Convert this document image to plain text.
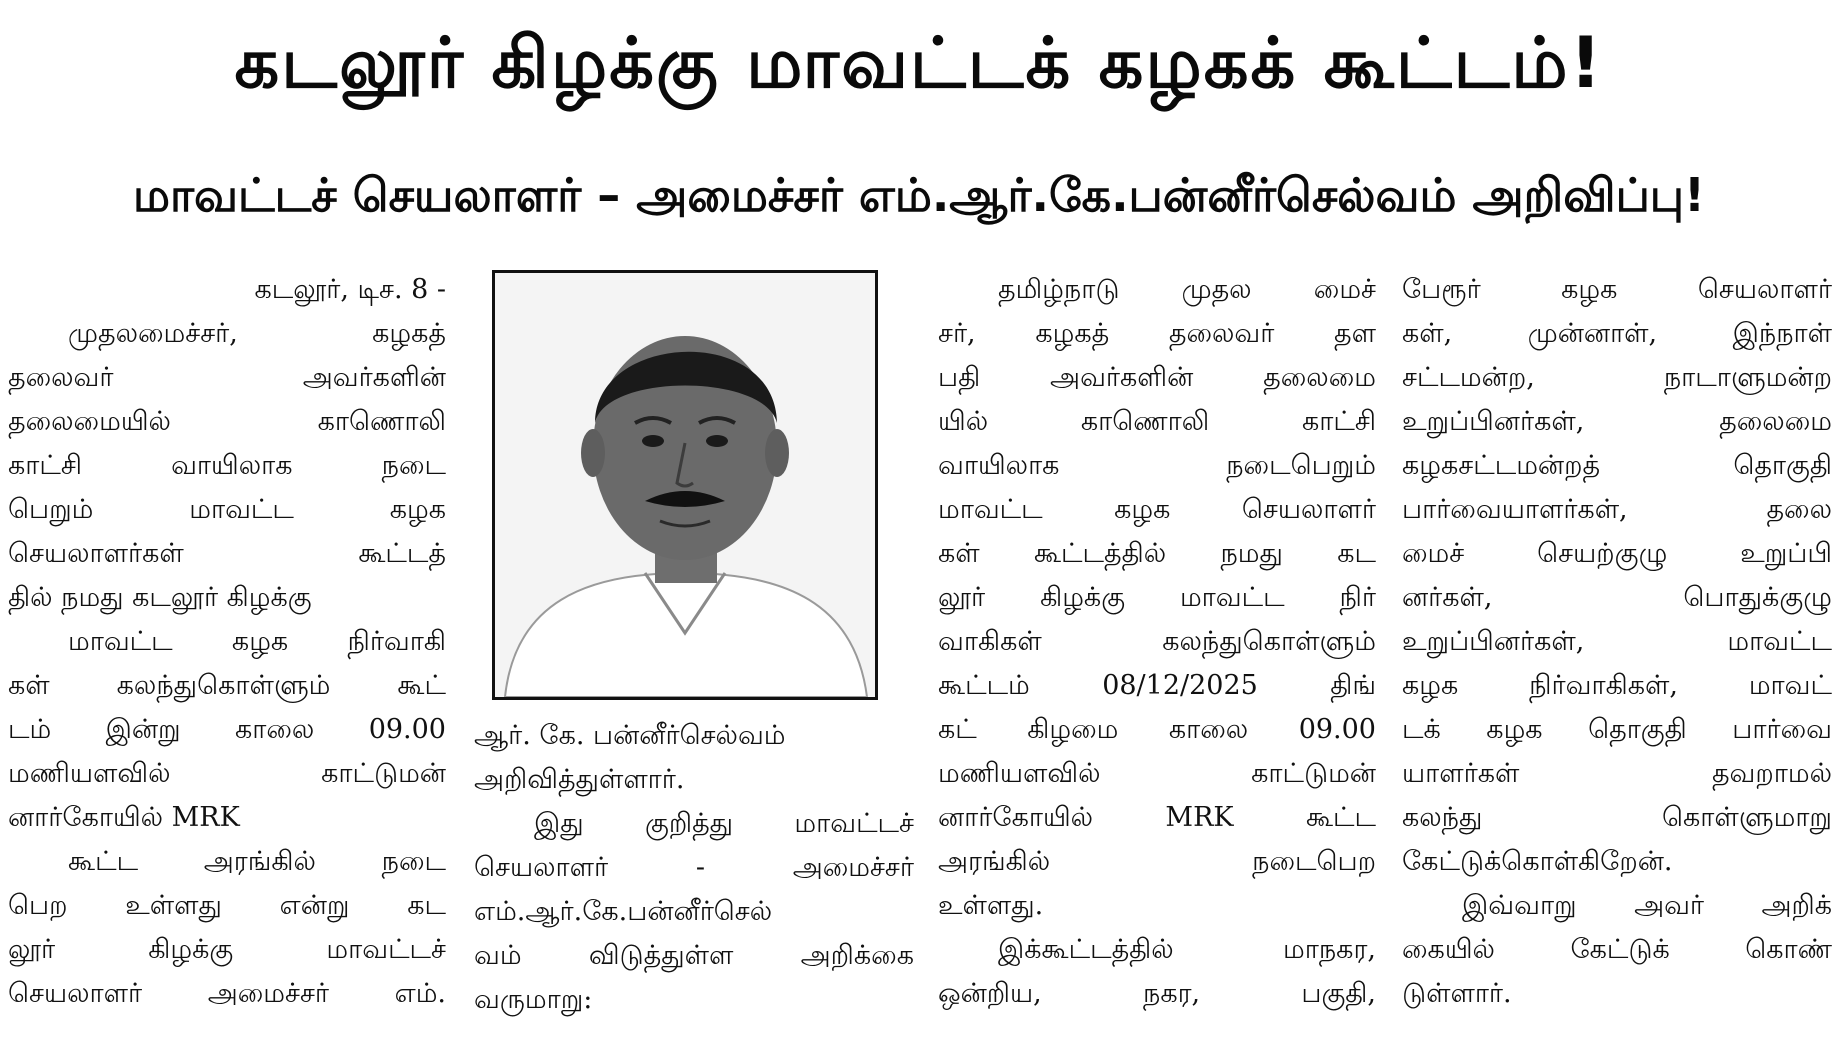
கடலூர் கிழக்கு மாவட்டக் கழகக் கூட்டம்!
மாவட்டச் செயலாளர் – அமைச்சர் எம்.ஆர்.கே.பன்னீர்செல்வம் அறிவிப்பு!
கடலூர், டிச. 8 -
முதலமைச்சர், கழகத்
தலைவர் அவர்களின்
தலைமையில் காணொலி
காட்சி வாயிலாக நடை
பெறும் மாவட்ட கழக
செயலாளர்கள் கூட்டத்
தில் நமது கடலூர் கிழக்கு
மாவட்ட கழக நிர்வாகி
கள் கலந்துகொள்ளும் கூட்
டம் இன்று காலை 09.00
மணியளவில் காட்டுமன்
னார்கோயில் MRK
கூட்ட அரங்கில் நடை
பெற உள்ளது என்று கட
லூர் கிழக்கு மாவட்டச்
செயலாளர் அமைச்சர் எம்.
ஆர். கே. பன்னீர்செல்வம்
அறிவித்துள்ளார்.
இது குறித்து மாவட்டச்
செயலாளர் - அமைச்சர்
எம்.ஆர்.கே.பன்னீர்செல்
வம் விடுத்துள்ள அறிக்கை
வருமாறு:
தமிழ்நாடு முதல மைச்
சர், கழகத் தலைவர் தள
பதி அவர்களின் தலைமை
யில் காணொலி காட்சி
வாயிலாக நடைபெறும்
மாவட்ட கழக செயலாளர்
கள் கூட்டத்தில் நமது கட
லூர் கிழக்கு மாவட்ட நிர்
வாகிகள் கலந்துகொள்ளும்
கூட்டம் 08/12/2025 திங்
கட் கிழமை காலை 09.00
மணியளவில் காட்டுமன்
னார்கோயில் MRK கூட்ட
அரங்கில் நடைபெற
உள்ளது.
இக்கூட்டத்தில் மாநகர,
ஒன்றிய, நகர, பகுதி,
பேரூர் கழக செயலாளர்
கள், முன்னாள், இந்நாள்
சட்டமன்ற, நாடாளுமன்ற
உறுப்பினர்கள், தலைமை
கழகசட்டமன்றத் தொகுதி
பார்வையாளர்கள், தலை
மைச் செயற்குழு உறுப்பி
னர்கள், பொதுக்குழு
உறுப்பினர்கள், மாவட்ட
கழக நிர்வாகிகள், மாவட்
டக் கழக தொகுதி பார்வை
யாளர்கள் தவறாமல்
கலந்து கொள்ளுமாறு
கேட்டுக்கொள்கிறேன்.
இவ்வாறு அவர் அறிக்
கையில் கேட்டுக் கொண்
டுள்ளார்.
